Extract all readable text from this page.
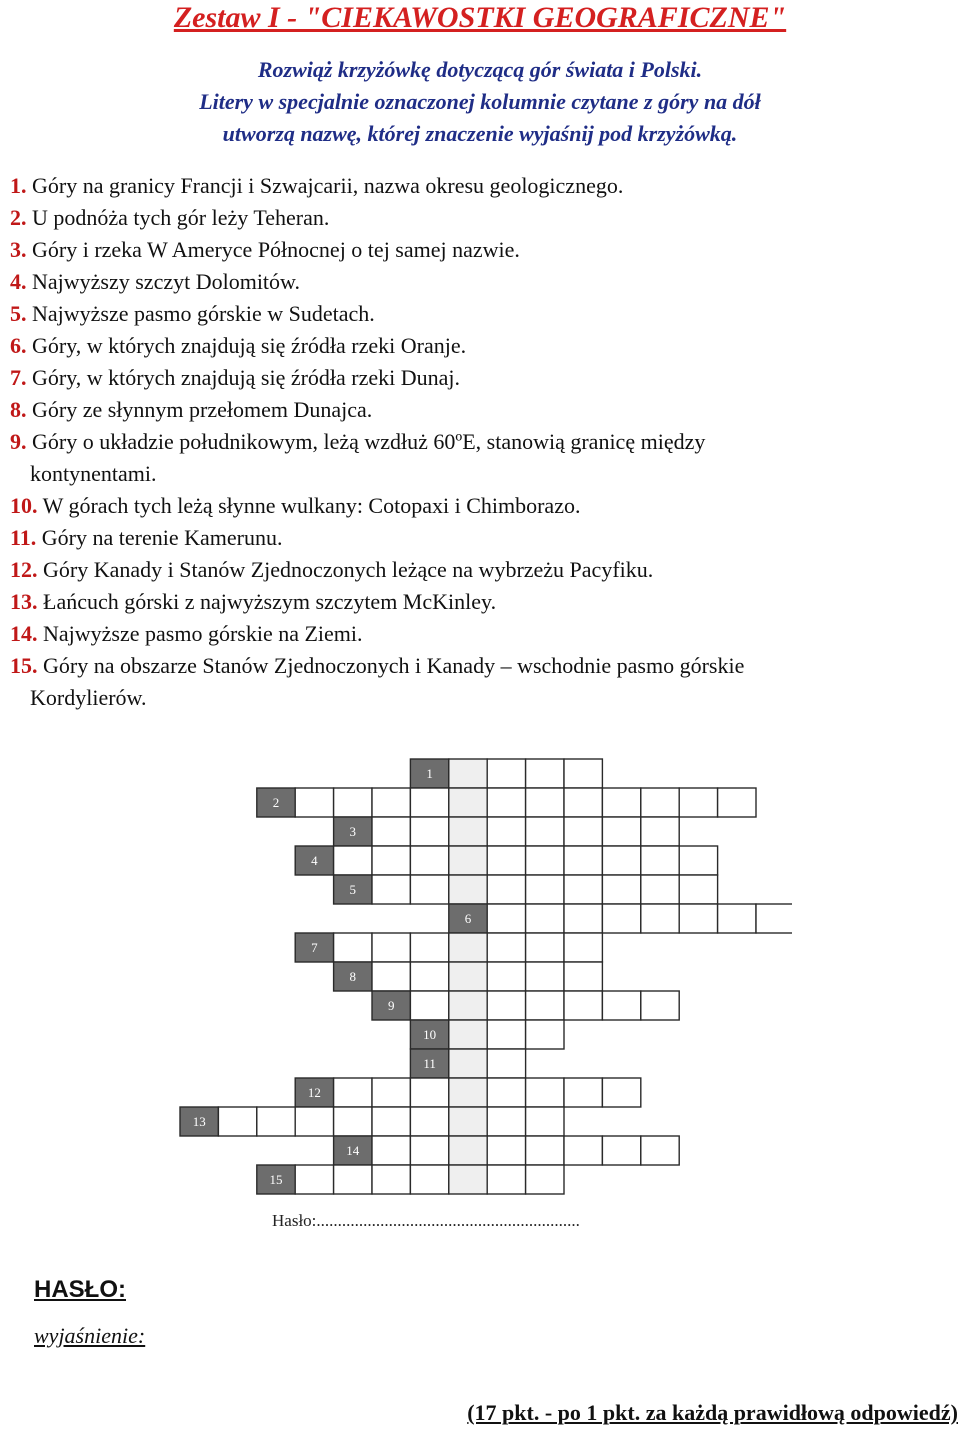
Zestaw I - "CIEKAWOSTKI GEOGRAFICZNE"
Rozwiąż krzyżówkę dotyczącą gór świata i Polski.
Litery w specjalnie oznaczonej kolumnie czytane z góry na dół
utworzą nazwę, której znaczenie wyjaśnij pod krzyżówką.
1. Góry na granicy Francji i Szwajcarii, nazwa okresu geologicznego.
2. U podnóża tych gór leży Teheran.
3. Góry i rzeka W Ameryce Północnej o tej samej nazwie.
4. Najwyższy szczyt Dolomitów.
5. Najwyższe pasmo górskie w Sudetach.
6. Góry, w których znajdują się źródła rzeki Oranje.
7. Góry, w których znajdują się źródła rzeki Dunaj.
8. Góry ze słynnym przełomem Dunajca.
9. Góry o układzie południkowym, leżą wzdłuż 60ºE, stanowią granicę między
kontynentami.
10. W górach tych leżą słynne wulkany: Cotopaxi i Chimborazo.
11. Góry na terenie Kamerunu.
12. Góry Kanady i Stanów Zjednoczonych leżące na wybrzeżu Pacyfiku.
13. Łańcuch górski z najwyższym szczytem McKinley.
14. Najwyższe pasmo górskie na Ziemi.
15. Góry na obszarze Stanów Zjednoczonych i Kanady – wschodnie pasmo górskie
Kordylierów.
1
2
3
4
5
6
7
8
9
10
11
12
13
14
15
Hasło:..............................................................
HASŁO:
wyjaśnienie:
(17 pkt. - po 1 pkt. za każdą prawidłową odpowiedź)
